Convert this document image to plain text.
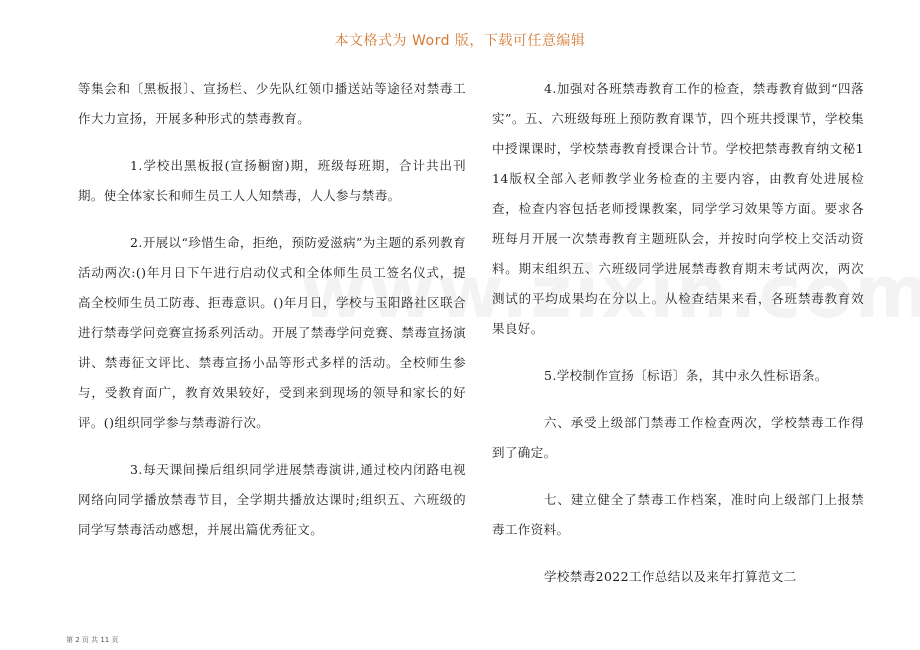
本文格式为 Word 版，下载可任意编辑

等集会和〔黑板报〕、宣扬栏、少先队红领巾播送站等途径对禁毒工作大力宣扬，开展多种形式的禁毒教育。

1.学校出黑板报(宣扬橱窗)期，班级每班期，合计共出刊期。使全体家长和师生员工人人知禁毒，人人参与禁毒。

2.开展以“珍惜生命，拒绝，预防爱滋病”为主题的系列教育活动两次:()年月日下午进行启动仪式和全体师生员工签名仪式，提高全校师生员工防毒、拒毒意识。()年月日，学校与玉阳路社区联合进行禁毒学问竞赛宣扬系列活动。开展了禁毒学问竞赛、禁毒宣扬演讲、禁毒征文评比、禁毒宣扬小品等形式多样的活动。全校师生参与，受教育面广，教育效果较好，受到来到现场的领导和家长的好评。()组织同学参与禁毒游行次。

3.每天课间操后组织同学进展禁毒演讲,通过校内闭路电视网络向同学播放禁毒节目，全学期共播放达课时;组织五、六班级的同学写禁毒活动感想，并展出篇优秀征文。

4.加强对各班禁毒教育工作的检查，禁毒教育做到“四落实”。五、六班级每班上预防教育课节，四个班共授课节，学校集中授课课时，学校禁毒教育授课合计节。学校把禁毒教育纳文秘114版权全部入老师教学业务检查的主要内容，由教育处进展检查，检查内容包括老师授课教案，同学学习效果等方面。要求各班每月开展一次禁毒教育主题班队会，并按时向学校上交活动资料。期末组织五、六班级同学进展禁毒教育期末考试两次，两次测试的平均成果均在分以上。从检查结果来看，各班禁毒教育效果良好。

5.学校制作宣扬〔标语〕条，其中永久性标语条。

六、承受上级部门禁毒工作检查两次，学校禁毒工作得到了确定。

七、建立健全了禁毒工作档案，准时向上级部门上报禁毒工作资料。

学校禁毒2022工作总结以及来年打算范文二

第 2 页 共 11 页
